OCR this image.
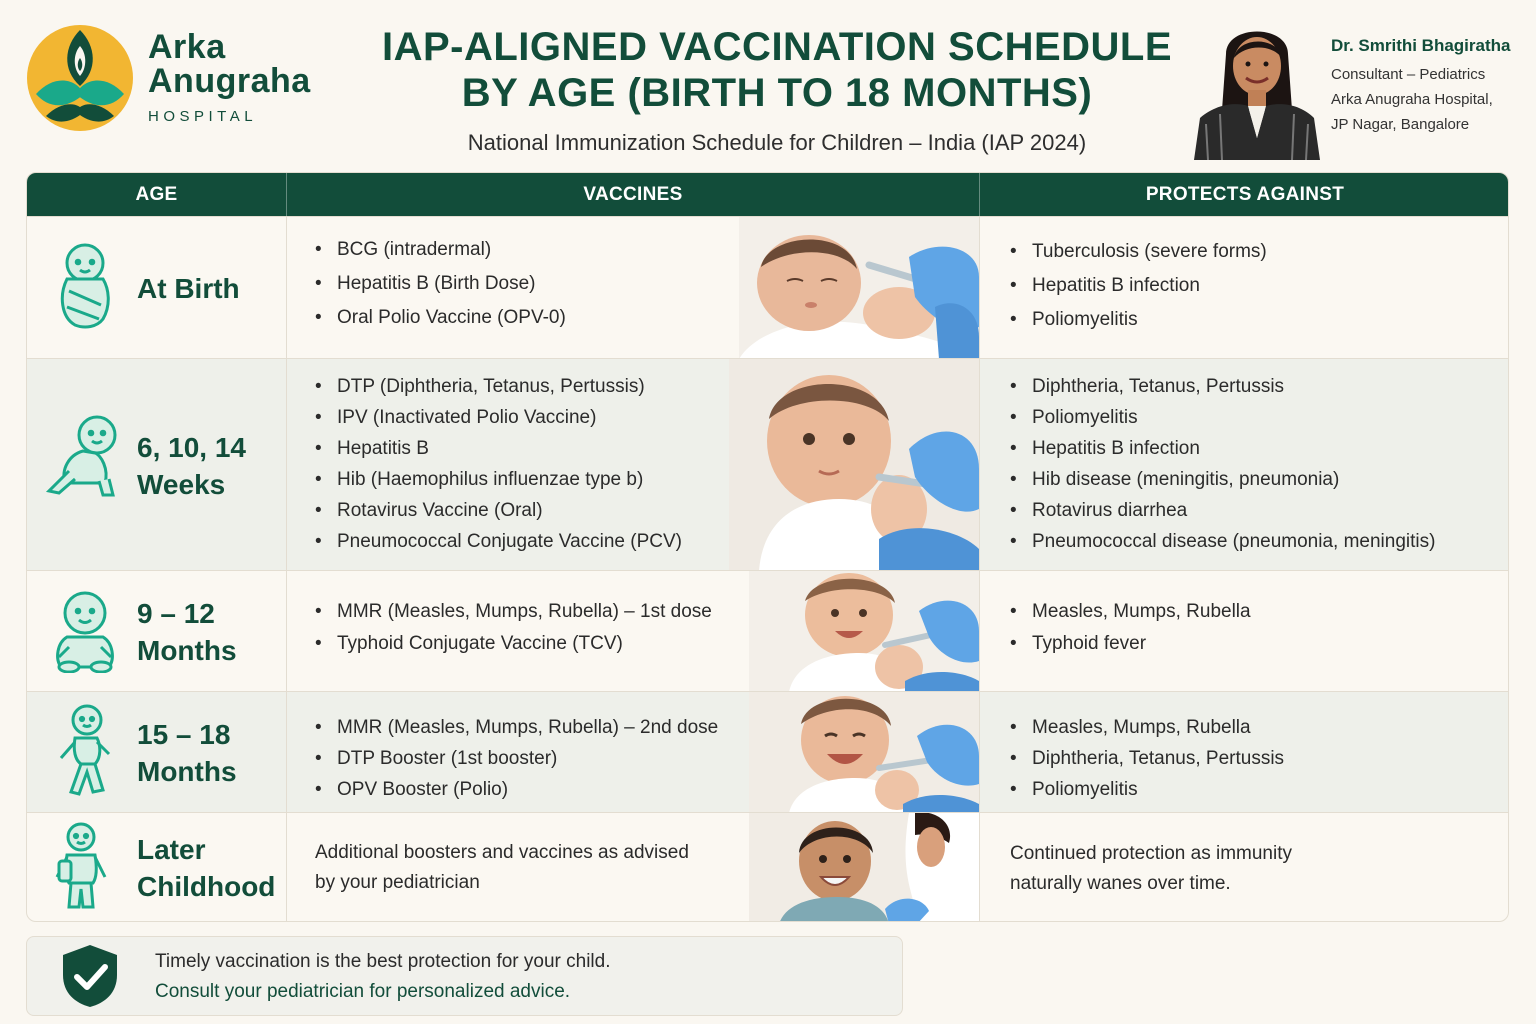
Arka
Anugraha
HOSPITAL
IAP-ALIGNED VACCINATION SCHEDULE
BY AGE (BIRTH TO 18 MONTHS)
National Immunization Schedule for Children – India (IAP 2024)
Dr. Smrithi Bhagiratha
Consultant – Pediatrics
Arka Anugraha Hospital,
JP Nagar, Bangalore
AGE	VACCINES	PROTECTS AGAINST
At Birth
• BCG (intradermal)
• Hepatitis B (Birth Dose)
• Oral Polio Vaccine (OPV-0)
• Tuberculosis (severe forms)
• Hepatitis B infection
• Poliomyelitis
6, 10, 14
Weeks
• DTP (Diphtheria, Tetanus, Pertussis)
• IPV (Inactivated Polio Vaccine)
• Hepatitis B
• Hib (Haemophilus influenzae type b)
• Rotavirus Vaccine (Oral)
• Pneumococcal Conjugate Vaccine (PCV)
• Diphtheria, Tetanus, Pertussis
• Poliomyelitis
• Hepatitis B infection
• Hib disease (meningitis, pneumonia)
• Rotavirus diarrhea
• Pneumococcal disease (pneumonia, meningitis)
9 – 12
Months
• MMR (Measles, Mumps, Rubella) – 1st dose
• Typhoid Conjugate Vaccine (TCV)
• Measles, Mumps, Rubella
• Typhoid fever
15 – 18
Months
• MMR (Measles, Mumps, Rubella) – 2nd dose
• DTP Booster (1st booster)
• OPV Booster (Polio)
• Measles, Mumps, Rubella
• Diphtheria, Tetanus, Pertussis
• Poliomyelitis
Later
Childhood
Additional boosters and vaccines as advised
by your pediatrician
Continued protection as immunity
naturally wanes over time.
Timely vaccination is the best protection for your child.
Consult your pediatrician for personalized advice.
